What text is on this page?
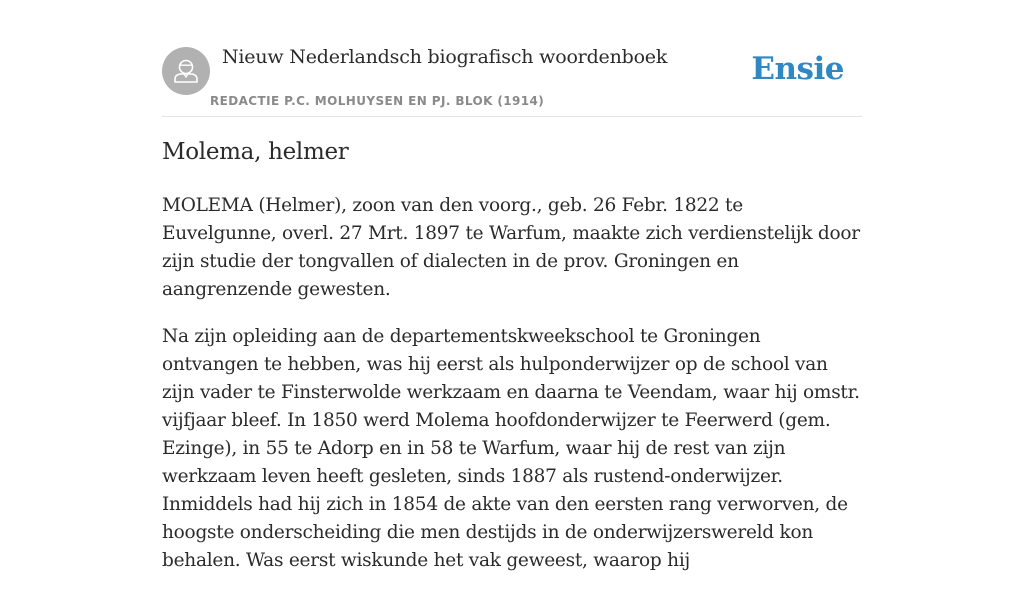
Nieuw Nederlandsch biografisch woordenboek
REDACTIE P.C. MOLHUYSEN EN PJ. BLOK (1914)
Ensie
Molema, helmer

MOLEMA (Helmer), zoon van den voorg., geb. 26 Febr. 1822 te Euvelgunne, overl. 27 Mrt. 1897 te Warfum, maakte zich verdienstelijk door zijn studie der tongvallen of dialecten in de prov. Groningen en aangrenzende gewesten.

Na zijn opleiding aan de departementskweekschool te Groningen ontvangen te hebben, was hij eerst als hulponderwijzer op de school van zijn vader te Finsterwolde werkzaam en daarna te Veendam, waar hij omstr. vijfjaar bleef. In 1850 werd Molema hoofdonderwijzer te Feerwerd (gem. Ezinge), in 55 te Adorp en in 58 te Warfum, waar hij de rest van zijn werkzaam leven heeft gesleten, sinds 1887 als rustend-onderwijzer. Inmiddels had hij zich in 1854 de akte van den eersten rang verworven, de hoogste onderscheiding die men destijds in de onderwijzerswereld kon behalen. Was eerst wiskunde het vak geweest, waarop hij
